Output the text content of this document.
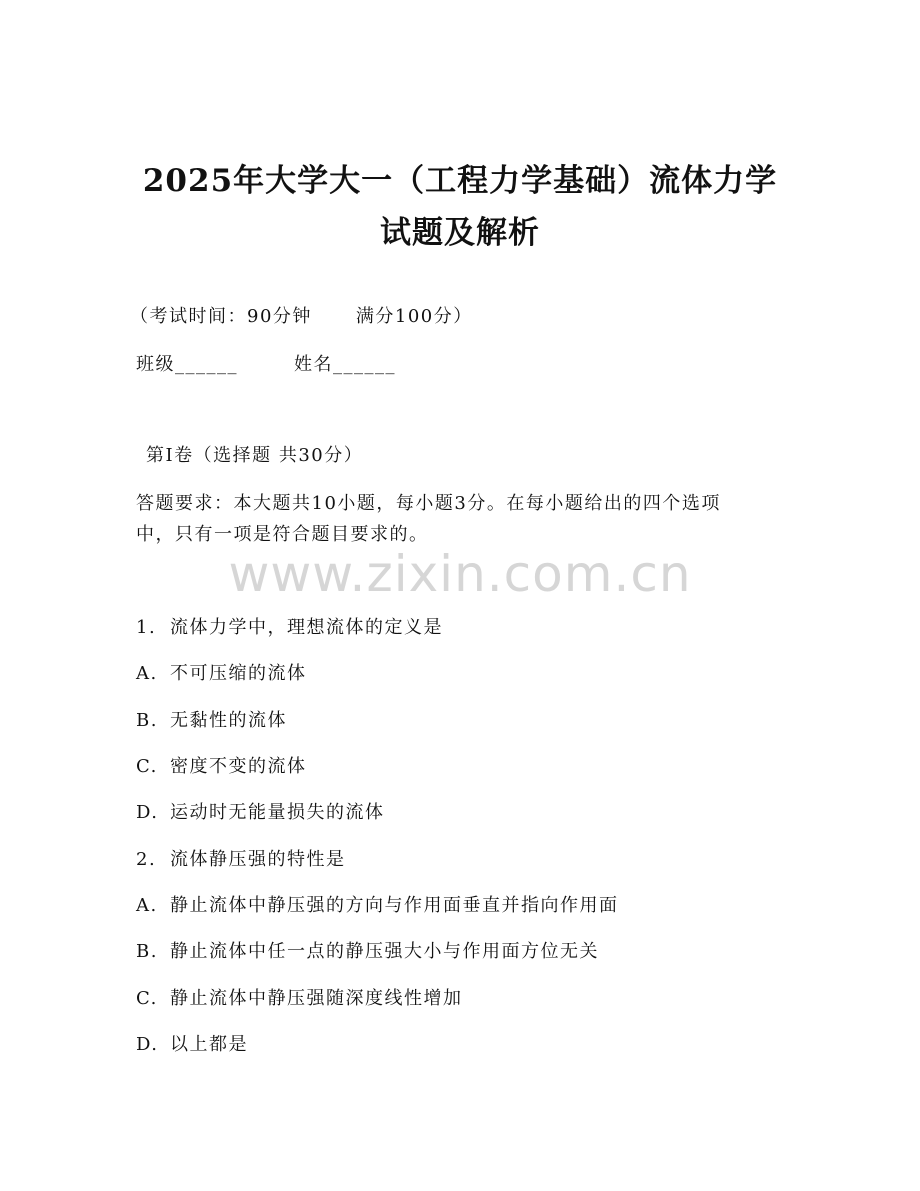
2025年大学大一（工程力学基础）流体力学
试题及解析

（考试时间：90分钟 满分100分）

班级______	姓名______

第Ⅰ卷（选择题 共30分）

答题要求：本大题共10小题，每小题3分。在每小题给出的四个选项

中，只有一项是符合题目要求的。

www.zixin.com.cn

1. 流体力学中，理想流体的定义是

A. 不可压缩的流体

B. 无黏性的流体

C. 密度不变的流体

D. 运动时无能量损失的流体

2. 流体静压强的特性是

A. 静止流体中静压强的方向与作用面垂直并指向作用面

B. 静止流体中任一点的静压强大小与作用面方位无关

C. 静止流体中静压强随深度线性增加

D. 以上都是
